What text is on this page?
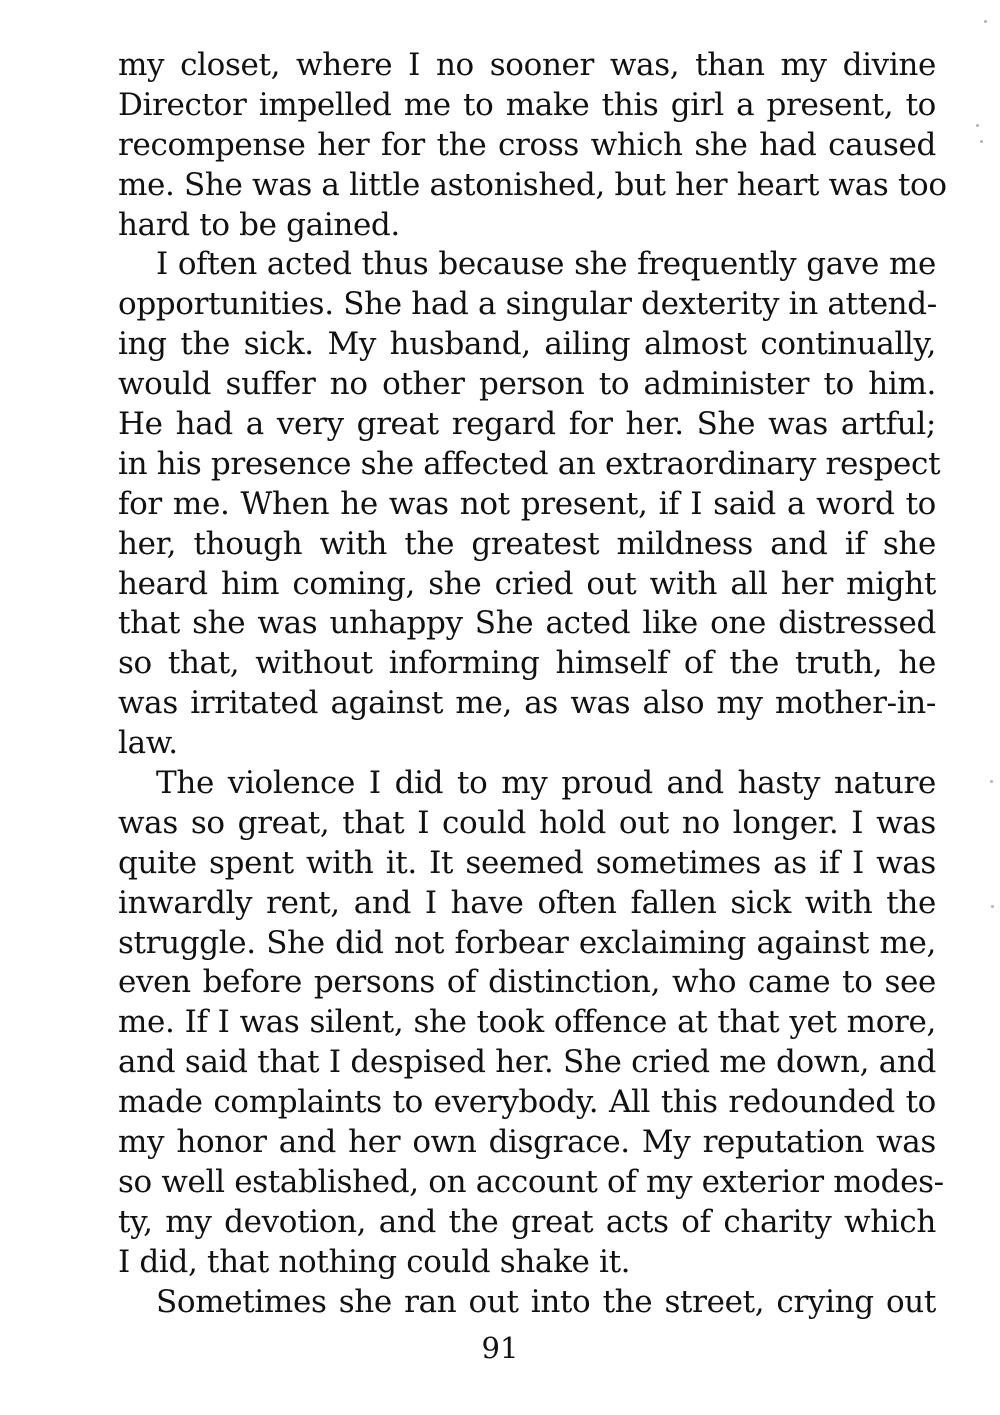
my closet, where I no sooner was, than my divine
Director impelled me to make this girl a present, to
recompense her for the cross which she had caused
me. She was a little astonished, but her heart was too
hard to be gained.

I often acted thus because she frequently gave me
opportunities. She had a singular dexterity in attend-
ing the sick. My husband, ailing almost continually,
would suffer no other person to administer to him.
He had a very great regard for her. She was artful;
in his presence she affected an extraordinary respect
for me. When he was not present, if I said a word to
her, though with the greatest mildness and if she
heard him coming, she cried out with all her might
that she was unhappy She acted like one distressed
so that, without informing himself of the truth, he
was irritated against me, as was also my mother-in-
law.

The violence I did to my proud and hasty nature
was so great, that I could hold out no longer. I was
quite spent with it. It seemed sometimes as if I was
inwardly rent, and I have often fallen sick with the
struggle. She did not forbear exclaiming against me,
even before persons of distinction, who came to see
me. If I was silent, she took offence at that yet more,
and said that I despised her. She cried me down, and
made complaints to everybody. All this redounded to
my honor and her own disgrace. My reputation was
so well established, on account of my exterior modes-
ty, my devotion, and the great acts of charity which
I did, that nothing could shake it.

Sometimes she ran out into the street, crying out

91
